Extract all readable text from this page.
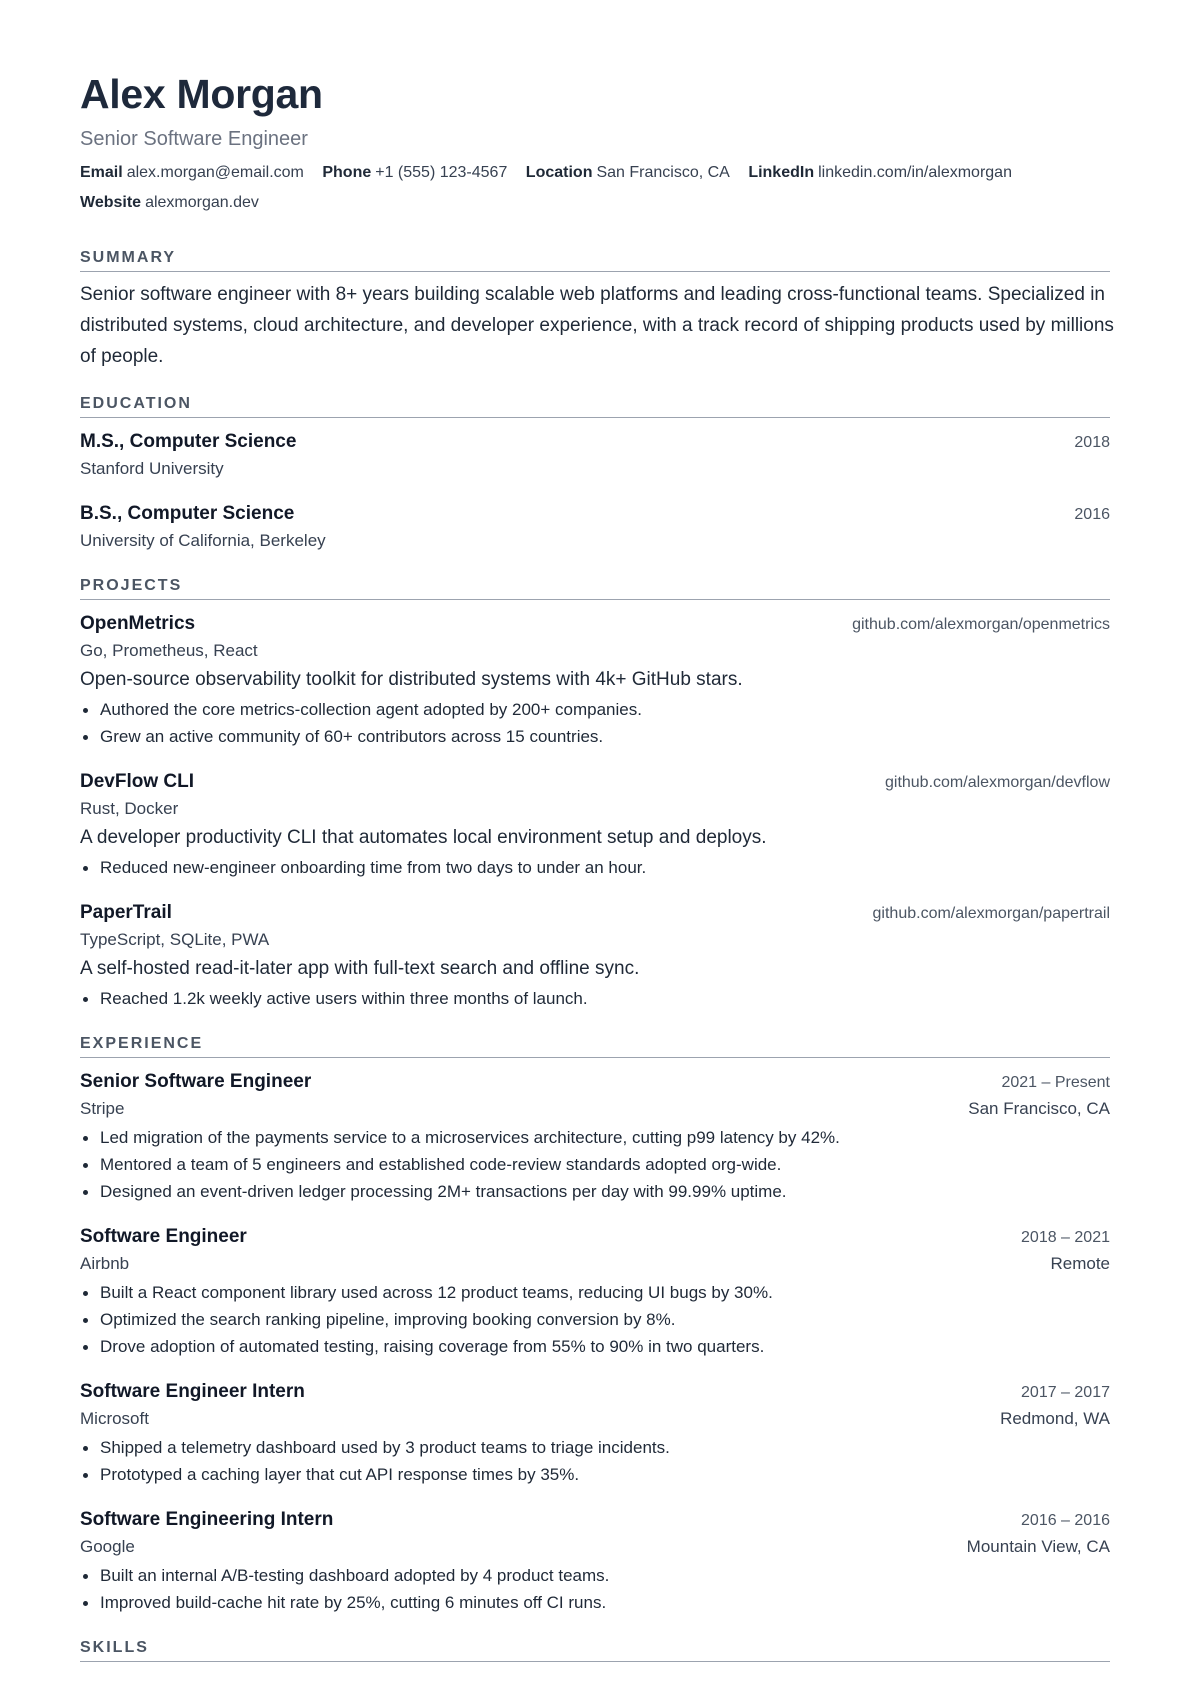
Alex Morgan
Senior Software Engineer
Email alex.morgan@email.com Phone +1 (555) 123-4567 Location San Francisco, CA LinkedIn linkedin.com/in/alexmorgan Website alexmorgan.dev
SUMMARY

Senior software engineer with 8+ years building scalable web platforms and leading cross-functional teams. Specialized in distributed systems, cloud architecture, and developer experience, with a track record of shipping products used by millions of people.

EDUCATION
M.S., Computer Science	2018
Stanford University
B.S., Computer Science	2016
University of California, Berkeley
PROJECTS
OpenMetrics	github.com/alexmorgan/openmetrics
Go, Prometheus, React
Open-source observability toolkit for distributed systems with 4k+ GitHub stars.
Authored the core metrics-collection agent adopted by 200+ companies.
Grew an active community of 60+ contributors across 15 countries.
DevFlow CLI	github.com/alexmorgan/devflow
Rust, Docker
A developer productivity CLI that automates local environment setup and deploys.
Reduced new-engineer onboarding time from two days to under an hour.
PaperTrail	github.com/alexmorgan/papertrail
TypeScript, SQLite, PWA
A self-hosted read-it-later app with full-text search and offline sync.
Reached 1.2k weekly active users within three months of launch.
EXPERIENCE
Senior Software Engineer	2021 – Present
Stripe	San Francisco, CA
Led migration of the payments service to a microservices architecture, cutting p99 latency by 42%.
Mentored a team of 5 engineers and established code-review standards adopted org-wide.
Designed an event-driven ledger processing 2M+ transactions per day with 99.99% uptime.
Software Engineer	2018 – 2021
Airbnb	Remote
Built a React component library used across 12 product teams, reducing UI bugs by 30%.
Optimized the search ranking pipeline, improving booking conversion by 8%.
Drove adoption of automated testing, raising coverage from 55% to 90% in two quarters.
Software Engineer Intern	2017 – 2017
Microsoft	Redmond, WA
Shipped a telemetry dashboard used by 3 product teams to triage incidents.
Prototyped a caching layer that cut API response times by 35%.
Software Engineering Intern	2016 – 2016
Google	Mountain View, CA
Built an internal A/B-testing dashboard adopted by 4 product teams.
Improved build-cache hit rate by 25%, cutting 6 minutes off CI runs.
SKILLS
